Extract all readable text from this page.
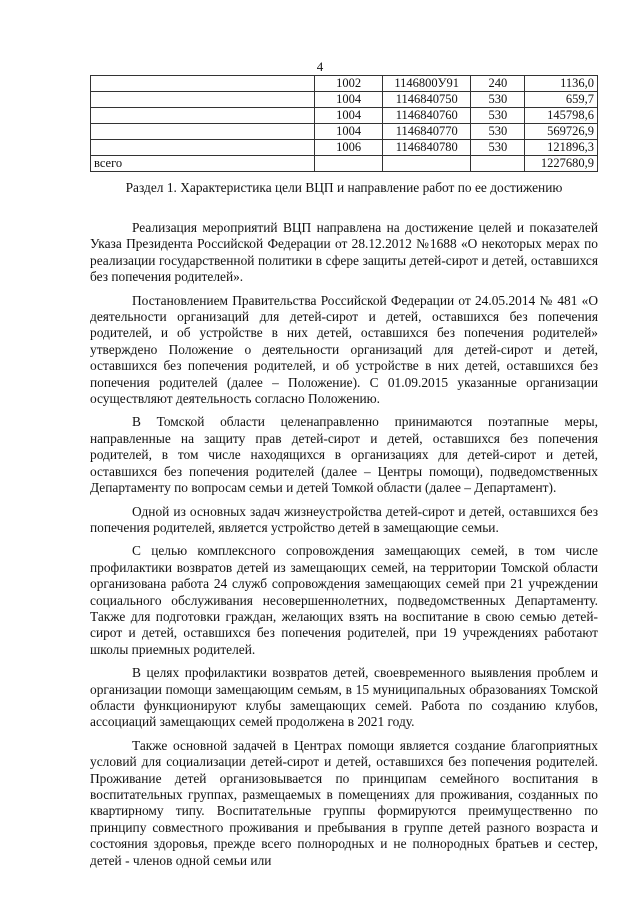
4
	1002	1146800У91	240	1136,0
	1004	1146840750	530	659,7
	1004	1146840760	530	145798,6
	1004	1146840770	530	569726,9
	1006	1146840780	530	121896,3
всего				1227680,9
Раздел 1. Характеристика цели ВЦП и направление работ по ее достижению

Реализация мероприятий ВЦП направлена на достижение целей и показателей Указа Президента Российской Федерации от 28.12.2012 №1688 «О некоторых мерах по реализации государственной политики в сфере защиты детей-сирот и детей, оставшихся без попечения родителей».

Постановлением Правительства Российской Федерации от 24.05.2014 № 481 «О деятельности организаций для детей-сирот и детей, оставшихся без попечения родителей, и об устройстве в них детей, оставшихся без попечения родителей» утверждено Положение о деятельности организаций для детей-сирот и детей, оставшихся без попечения родителей, и об устройстве в них детей, оставшихся без попечения родителей (далее – Положение). С 01.09.2015 указанные организации осуществляют деятельность согласно Положению.

В Томской области целенаправленно принимаются поэтапные меры, направленные на защиту прав детей-сирот и детей, оставшихся без попечения родителей, в том числе находящихся в организациях для детей-сирот и детей, оставшихся без попечения родителей (далее – Центры помощи), подведомственных Департаменту по вопросам семьи и детей Томкой области (далее – Департамент).

Одной из основных задач жизнеустройства детей-сирот и детей, оставшихся без попечения родителей, является устройство детей в замещающие семьи.

С целью комплексного сопровождения замещающих семей, в том числе профилактики возвратов детей из замещающих семей, на территории Томской области организована работа 24 служб сопровождения замещающих семей при 21 учреждении социального обслуживания несовершеннолетних, подведомственных Департаменту. Также для подготовки граждан, желающих взять на воспитание в свою семью детей-сирот и детей, оставшихся без попечения родителей, при 19 учреждениях работают школы приемных родителей.

В целях профилактики возвратов детей, своевременного выявления проблем и организации помощи замещающим семьям, в 15 муниципальных образованиях Томской области функционируют клубы замещающих семей. Работа по созданию клубов, ассоциаций замещающих семей продолжена в 2021 году.

Также основной задачей в Центрах помощи является создание благоприятных условий для социализации детей-сирот и детей, оставшихся без попечения родителей. Проживание детей организовывается по принципам семейного воспитания в воспитательных группах, размещаемых в помещениях для проживания, созданных по квартирному типу. Воспитательные группы формируются преимущественно по принципу совместного проживания и пребывания в группе детей разного возраста и состояния здоровья, прежде всего полнородных и не полнородных братьев и сестер, детей - членов одной семьи или
